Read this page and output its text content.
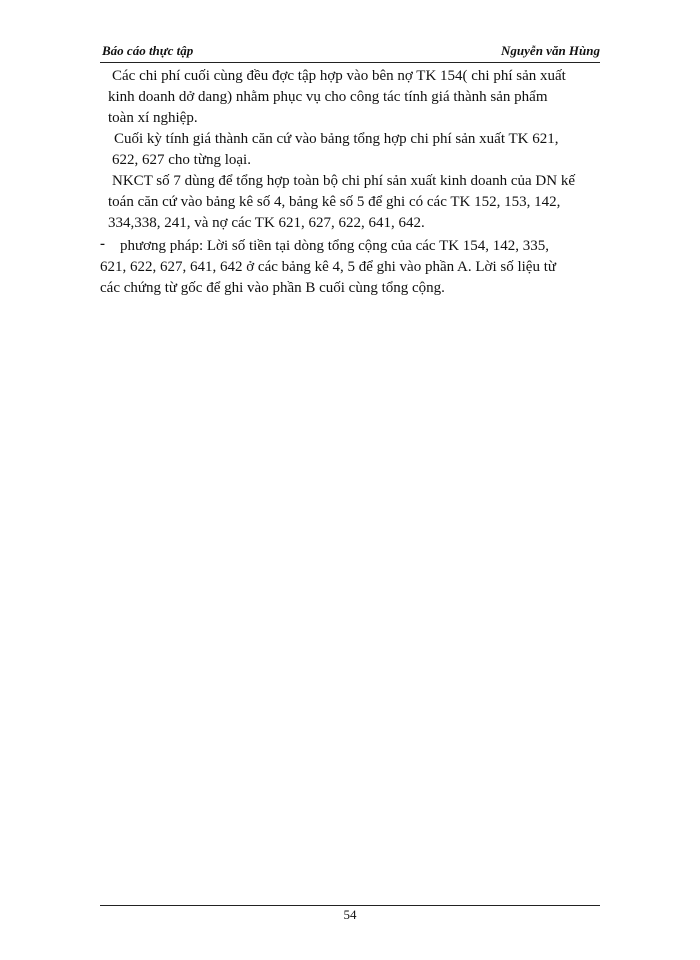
Báo cáo thực tập	Nguyễn văn Hùng

Các chi phí cuối cùng đều đợc tập hợp vào bên nợ TK 154( chi phí sản xuất
kinh doanh dở dang) nhằm phục vụ cho công tác tính giá thành sản phẩm
toàn xí nghiệp.

Cuối kỳ tính giá thành căn cứ vào bảng tổng hợp chi phí sản xuất TK 621,
622, 627 cho từng loại.

NKCT số 7 dùng để tổng hợp toàn bộ chi phí sản xuất kinh doanh của DN kế
toán căn cứ vào bảng kê số 4, bảng kê số 5 để ghi có các TK 152, 153, 142,
334,338, 241, và nợ các TK 621, 627, 622, 641, 642.

-	phương pháp: Lời số tiền tại dòng tổng cộng của các TK 154, 142, 335,
621, 622, 627, 641, 642 ở các bảng kê 4, 5 để ghi vào phần A. Lời số liệu từ
các chứng từ gốc để ghi vào phần B cuối cùng tổng cộng.
54
